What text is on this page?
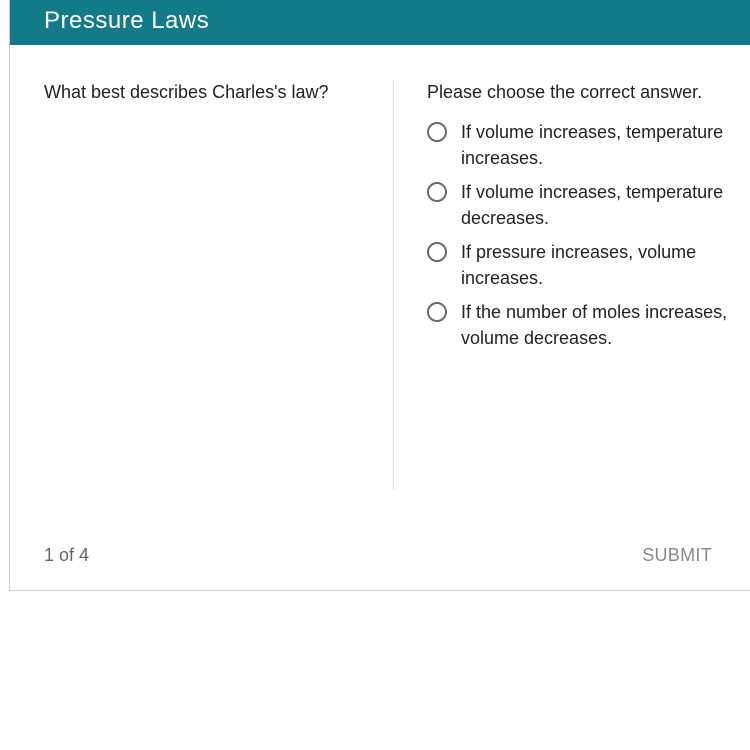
Pressure Laws
What best describes Charles's law?	Please choose the correct answer.
If volume increases, temperature increases.
If volume increases, temperature decreases.
If pressure increases, volume increases.
If the number of moles increases, volume decreases.
1 of 4	SUBMIT
